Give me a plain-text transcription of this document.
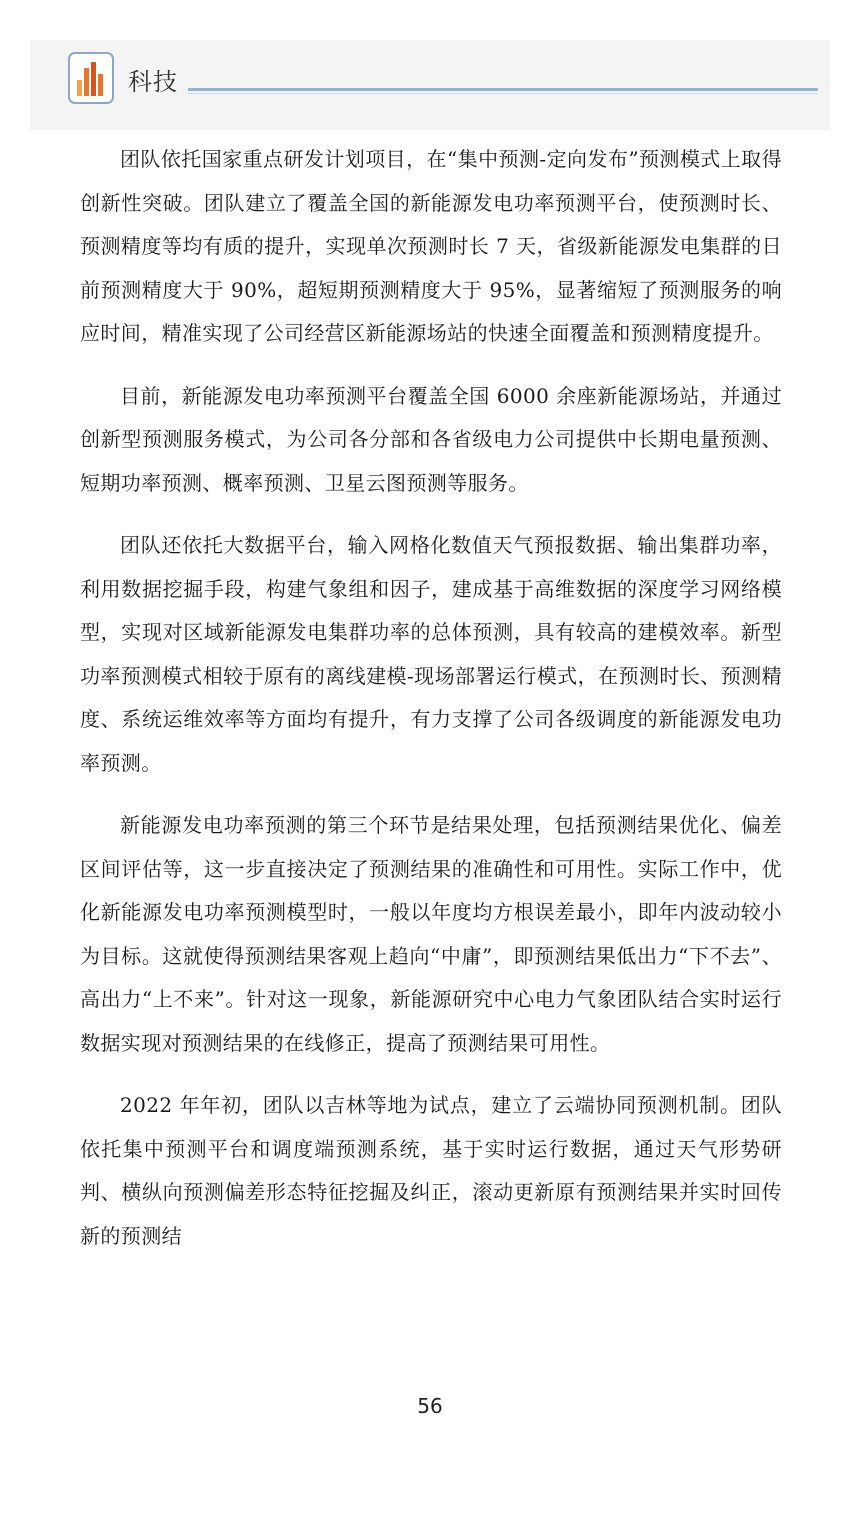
科技

团队依托国家重点研发计划项目，在“集中预测-定向发布”预测模式上取得创新性突破。团队建立了覆盖全国的新能源发电功率预测平台，使预测时长、预测精度等均有质的提升，实现单次预测时长 7 天，省级新能源发电集群的日前预测精度大于 90%，超短期预测精度大于 95%，显著缩短了预测服务的响应时间，精准实现了公司经营区新能源场站的快速全面覆盖和预测精度提升。

目前，新能源发电功率预测平台覆盖全国 6000 余座新能源场站，并通过创新型预测服务模式，为公司各分部和各省级电力公司提供中长期电量预测、短期功率预测、概率预测、卫星云图预测等服务。

团队还依托大数据平台，输入网格化数值天气预报数据、输出集群功率，利用数据挖掘手段，构建气象组和因子，建成基于高维数据的深度学习网络模型，实现对区域新能源发电集群功率的总体预测，具有较高的建模效率。新型功率预测模式相较于原有的离线建模-现场部署运行模式，在预测时长、预测精度、系统运维效率等方面均有提升，有力支撑了公司各级调度的新能源发电功率预测。

新能源发电功率预测的第三个环节是结果处理，包括预测结果优化、偏差区间评估等，这一步直接决定了预测结果的准确性和可用性。实际工作中，优化新能源发电功率预测模型时，一般以年度均方根误差最小，即年内波动较小为目标。这就使得预测结果客观上趋向“中庸”，即预测结果低出力“下不去”、高出力“上不来”。针对这一现象，新能源研究中心电力气象团队结合实时运行数据实现对预测结果的在线修正，提高了预测结果可用性。

2022 年年初，团队以吉林等地为试点，建立了云端协同预测机制。团队依托集中预测平台和调度端预测系统，基于实时运行数据，通过天气形势研判、横纵向预测偏差形态特征挖掘及纠正，滚动更新原有预测结果并实时回传新的预测结

56
